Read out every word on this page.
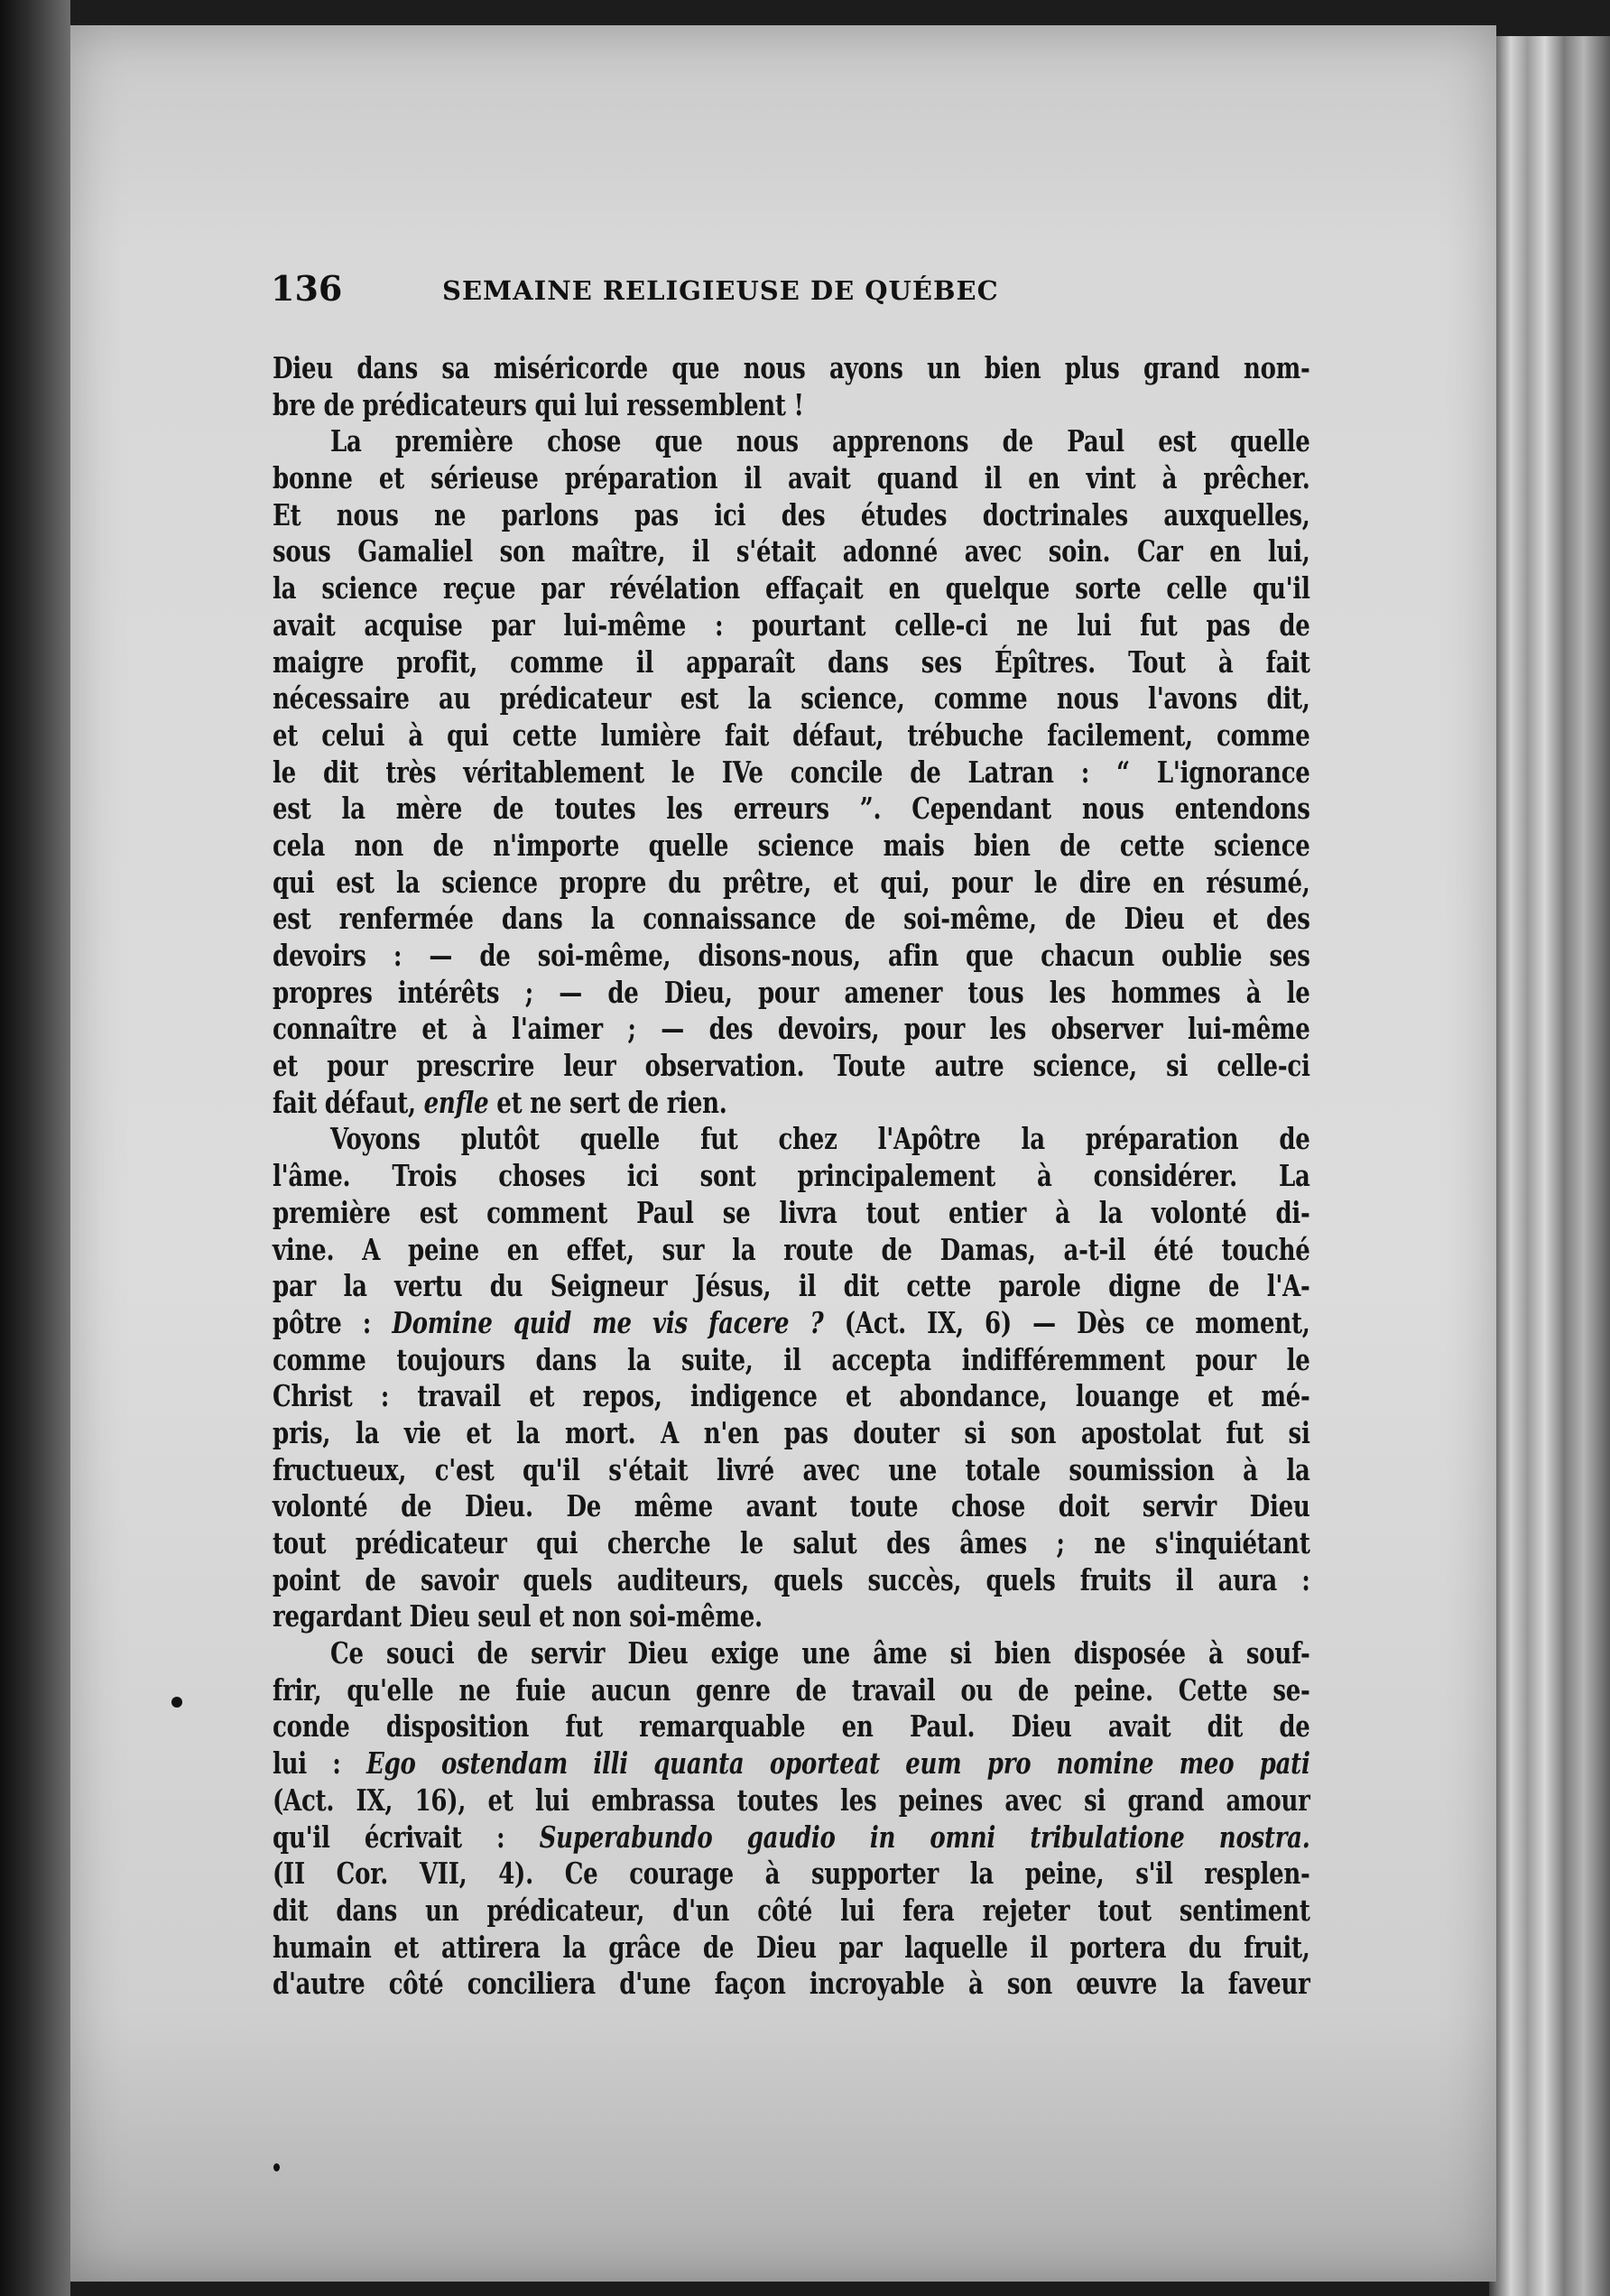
136	SEMAINE RELIGIEUSE DE QUÉBEC
Dieu dans sa miséricorde que nous ayons un bien plus grand nom-
bre de prédicateurs qui lui ressemblent !
La première chose que nous apprenons de Paul est quelle
bonne et sérieuse préparation il avait quand il en vint à prêcher.
Et nous ne parlons pas ici des études doctrinales auxquelles,
sous Gamaliel son maître, il s'était adonné avec soin. Car en lui,
la science reçue par révélation effaçait en quelque sorte celle qu'il
avait acquise par lui-même : pourtant celle-ci ne lui fut pas de
maigre profit, comme il apparaît dans ses Épîtres. Tout à fait
nécessaire au prédicateur est la science, comme nous l'avons dit,
et celui à qui cette lumière fait défaut, trébuche facilement, comme
le dit très véritablement le IVe concile de Latran : “ L'ignorance
est la mère de toutes les erreurs ”. Cependant nous entendons
cela non de n'importe quelle science mais bien de cette science
qui est la science propre du prêtre, et qui, pour le dire en résumé,
est renfermée dans la connaissance de soi-même, de Dieu et des
devoirs : — de soi-même, disons-nous, afin que chacun oublie ses
propres intérêts ; — de Dieu, pour amener tous les hommes à le
connaître et à l'aimer ; — des devoirs, pour les observer lui-même
et pour prescrire leur observation. Toute autre science, si celle-ci
fait défaut, enfle et ne sert de rien.
Voyons plutôt quelle fut chez l'Apôtre la préparation de
l'âme. Trois choses ici sont principalement à considérer. La
première est comment Paul se livra tout entier à la volonté di-
vine. A peine en effet, sur la route de Damas, a-t-il été touché
par la vertu du Seigneur Jésus, il dit cette parole digne de l'A-
pôtre : Domine quid me vis facere ? (Act. IX, 6) — Dès ce moment,
comme toujours dans la suite, il accepta indifféremment pour le
Christ : travail et repos, indigence et abondance, louange et mé-
pris, la vie et la mort. A n'en pas douter si son apostolat fut si
fructueux, c'est qu'il s'était livré avec une totale soumission à la
volonté de Dieu. De même avant toute chose doit servir Dieu
tout prédicateur qui cherche le salut des âmes ; ne s'inquiétant
point de savoir quels auditeurs, quels succès, quels fruits il aura :
regardant Dieu seul et non soi-même.
Ce souci de servir Dieu exige une âme si bien disposée à souf-
frir, qu'elle ne fuie aucun genre de travail ou de peine. Cette se-
conde disposition fut remarquable en Paul. Dieu avait dit de
lui : Ego ostendam illi quanta oporteat eum pro nomine meo pati
(Act. IX, 16), et lui embrassa toutes les peines avec si grand amour
qu'il écrivait : Superabundo gaudio in omni tribulatione nostra.
(II Cor. VII, 4). Ce courage à supporter la peine, s'il resplen-
dit dans un prédicateur, d'un côté lui fera rejeter tout sentiment
humain et attirera la grâce de Dieu par laquelle il portera du fruit,
d'autre côté conciliera d'une façon incroyable à son œuvre la faveur
